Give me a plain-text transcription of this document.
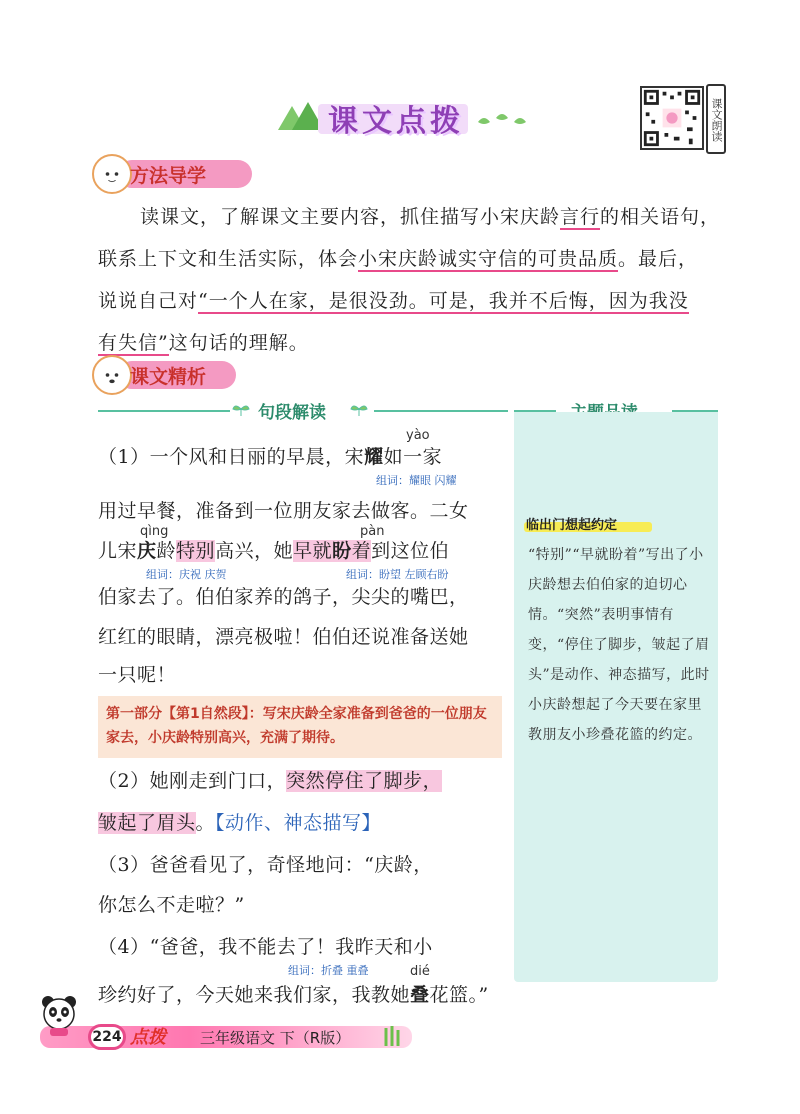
课文点拨	课文朗读
方法导学
读课文，了解课文主要内容，抓住描写小宋庆龄言行的相关语句，
联系上下文和生活实际，体会小宋庆龄诚实守信的可贵品质。最后，
说说自己对“一个人在家，是很没劲。可是，我并不后悔，因为我没
有失信”这句话的理解。
课文精析
句段解读
临出门想起约定
“特别”“早就盼着”写出了小庆龄想去伯伯家的迫切心情。“突然”表明事情有变，“停住了脚步，皱起了眉头”是动作、神态描写，此时小庆龄想起了今天要在家里教朋友小珍叠花篮的约定。
yào
（1）一个风和日丽的早晨，宋耀如一家
组词：耀眼 闪耀
用过早餐，准备到一位朋友家去做客。二女
qìng	pàn
儿宋庆龄特别高兴，她早就盼着到这位伯
组词：庆祝 庆贺	组词：盼望 左顾右盼
伯家去了。伯伯家养的鸽子，尖尖的嘴巴，
红红的眼睛，漂亮极啦！伯伯还说准备送她
一只呢！
第一部分【第1自然段】：写宋庆龄全家准备到爸爸的一位朋友家去，小庆龄特别高兴，充满了期待。
（2）她刚走到门口，突然停住了脚步，
皱起了眉头。【动作、神态描写】
（3）爸爸看见了，奇怪地问：“庆龄，
你怎么不走啦？”
（4）“爸爸，我不能去了！我昨天和小
组词：折叠 重叠	dié
珍约好了，今天她来我们家，我教她叠花篮。”
224 点拨 三年级语文 下（R版）
